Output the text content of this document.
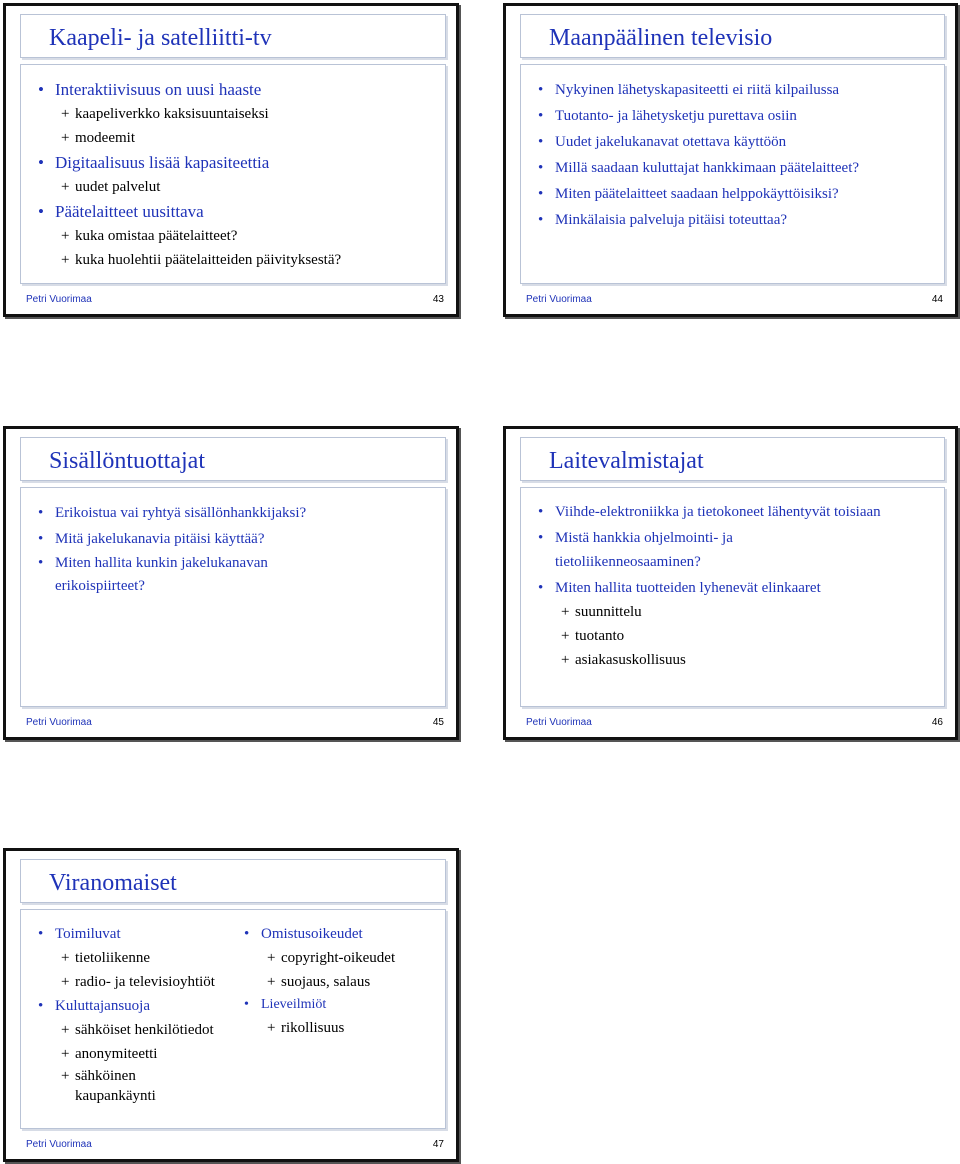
Kaapeli- ja satelliitti-tv
• Interaktiivisuus on uusi haaste
+ kaapeliverkko kaksisuuntaiseksi
+ modeemit
• Digitaalisuus lisää kapasiteettia
+ uudet palvelut
• Päätelaitteet uusittava
+ kuka omistaa päätelaitteet?
+ kuka huolehtii päätelaitteiden päivityksestä?
Petri Vuorimaa	43
Maanpäälinen televisio
• Nykyinen lähetyskapasiteetti ei riitä kilpailussa
• Tuotanto- ja lähetysketju purettava osiin
• Uudet jakelukanavat otettava käyttöön
• Millä saadaan kuluttajat hankkimaan päätelaitteet?
• Miten päätelaitteet saadaan helppokäyttöisiksi?
• Minkälaisia palveluja pitäisi toteuttaa?
Petri Vuorimaa	44
Sisällöntuottajat
• Erikoistua vai ryhtyä sisällönhankkijaksi?
• Mitä jakelukanavia pitäisi käyttää?
• Miten hallita kunkin jakelukanavan erikoispiirteet?
Petri Vuorimaa	45
Laitevalmistajat
• Viihde-elektroniikka ja tietokoneet lähentyvät toisiaan
• Mistä hankkia ohjelmointi- ja tietoliikenneosaaminen?
• Miten hallita tuotteiden lyhenevät elinkaaret
+ suunnittelu
+ tuotanto
+ asiakasuskollisuus
Petri Vuorimaa	46
Viranomaiset
• Toimiluvat
+ tietoliikenne
+ radio- ja televisioyhtiöt
• Kuluttajansuoja
+ sähköiset henkilötiedot
+ anonymiteetti
+ sähköinen kaupankäynti
• Omistusoikeudet
+ copyright-oikeudet
+ suojaus, salaus
• Lieveilmiöt
+ rikollisuus
Petri Vuorimaa	47
